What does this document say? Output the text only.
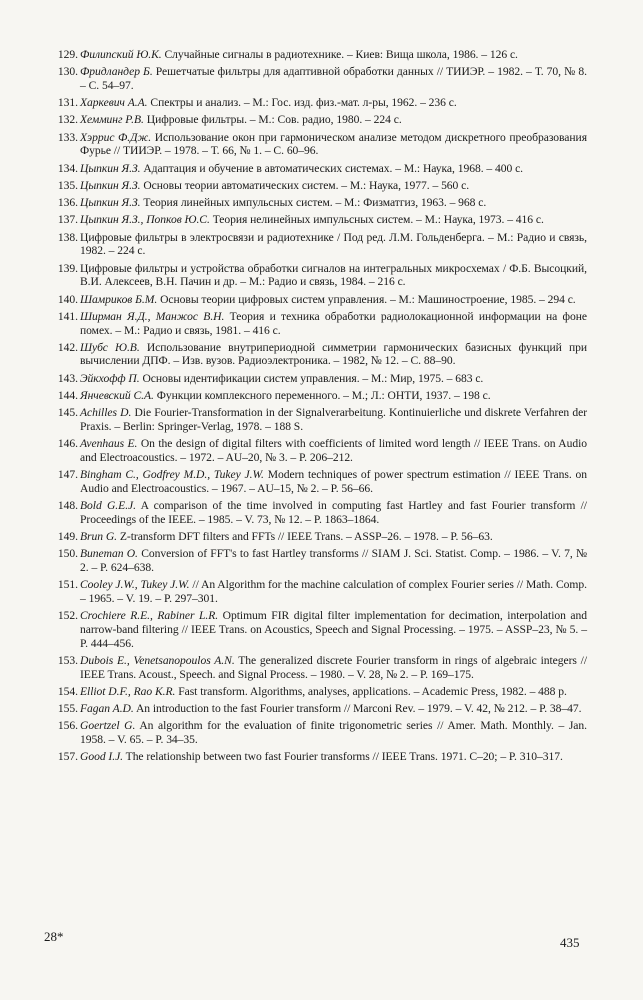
129. Филипский Ю.К. Случайные сигналы в радиотехнике. – Киев: Вища школа, 1986. – 126 с.
130. Фридландер Б. Решетчатые фильтры для адаптивной обработки данных // ТИИЭР. – 1982. – Т. 70, № 8. – С. 54–97.
131. Харкевич А.А. Спектры и анализ. – М.: Гос. изд. физ.-мат. л-ры, 1962. – 236 с.
132. Хемминг Р.В. Цифровые фильтры. – М.: Сов. радио, 1980. – 224 с.
133. Хэррис Ф.Дж. Использование окон при гармоническом анализе методом дискретного преобразования Фурье // ТИИЭР. – 1978. – Т. 66, № 1. – С. 60–96.
134. Цыпкин Я.З. Адаптация и обучение в автоматических системах. – М.: Наука, 1968. – 400 с.
135. Цыпкин Я.З. Основы теории автоматических систем. – М.: Наука, 1977. – 560 с.
136. Цыпкин Я.З. Теория линейных импульсных систем. – М.: Физматгиз, 1963. – 968 с.
137. Цыпкин Я.З., Попков Ю.С. Теория нелинейных импульсных систем. – М.: Наука, 1973. – 416 с.
138. Цифровые фильтры в электросвязи и радиотехнике / Под ред. Л.М. Гольденберга. – М.: Радио и связь, 1982. – 224 с.
139. Цифровые фильтры и устройства обработки сигналов на интегральных микросхемах / Ф.Б. Высоцкий, В.И. Алексеев, В.Н. Пачин и др. – М.: Радио и связь, 1984. – 216 с.
140. Шамриков Б.М. Основы теории цифровых систем управления. – М.: Машиностроение, 1985. – 294 с.
141. Ширман Я.Д., Манжос В.Н. Теория и техника обработки радиолокационной информации на фоне помех. – М.: Радио и связь, 1981. – 416 с.
142. Шубс Ю.В. Использование внутрипериодной симметрии гармонических базисных функций при вычислении ДПФ. – Изв. вузов. Радиоэлектроника. – 1982, № 12. – С. 88–90.
143. Эйкхофф П. Основы идентификации систем управления. – М.: Мир, 1975. – 683 с.
144. Янчевский С.А. Функции комплексного переменного. – М.; Л.: ОНТИ, 1937. – 198 с.
145. Achilles D. Die Fourier-Transformation in der Signalverarbeitung. Kontinuierliche und diskrete Verfahren der Praxis. – Berlin: Springer-Verlag, 1978. – 188 S.
146. Avenhaus E. On the design of digital filters with coefficients of limited word length // IEEE Trans. on Audio and Electroacoustics. – 1972. – AU–20, № 3. – P. 206–212.
147. Bingham C., Godfrey M.D., Tukey J.W. Modern techniques of power spectrum estimation // IEEE Trans. on Audio and Electroacoustics. – 1967. – AU–15, № 2. – P. 56–66.
148. Bold G.E.J. A comparison of the time involved in computing fast Hartley and fast Fourier transform // Proceedings of the IEEE. – 1985. – V. 73, № 12. – P. 1863–1864.
149. Brun G. Z-transform DFT filters and FFTs // IEEE Trans. – ASSP–26. – 1978. – P. 56–63.
150. Buneman O. Conversion of FFT's to fast Hartley transforms // SIAM J. Sci. Statist. Comp. – 1986. – V. 7, № 2. – P. 624–638.
151. Cooley J.W., Tukey J.W. // An Algorithm for the machine calculation of complex Fourier series // Math. Comp. – 1965. – V. 19. – P. 297–301.
152. Crochiere R.E., Rabiner L.R. Optimum FIR digital filter implementation for decimation, interpolation and narrow-band filtering // IEEE Trans. on Acoustics, Speech and Signal Processing. – 1975. – ASSP–23, № 5. – P. 444–456.
153. Dubois E., Venetsanopoulos A.N. The generalized discrete Fourier transform in rings of algebraic integers // IEEE Trans. Acoust., Speech. and Signal Process. – 1980. – V. 28, № 2. – P. 169–175.
154. Elliot D.F., Rao K.R. Fast transform. Algorithms, analyses, applications. – Academic Press, 1982. – 488 p.
155. Fagan A.D. An introduction to the fast Fourier transform // Marconi Rev. – 1979. – V. 42, № 212. – P. 38–47.
156. Goertzel G. An algorithm for the evaluation of finite trigonometric series // Amer. Math. Monthly. – Jan. 1958. – V. 65. – P. 34–35.
157. Good I.J. The relationship between two fast Fourier transforms // IEEE Trans. 1971. C–20; – P. 310–317.
28*	435
